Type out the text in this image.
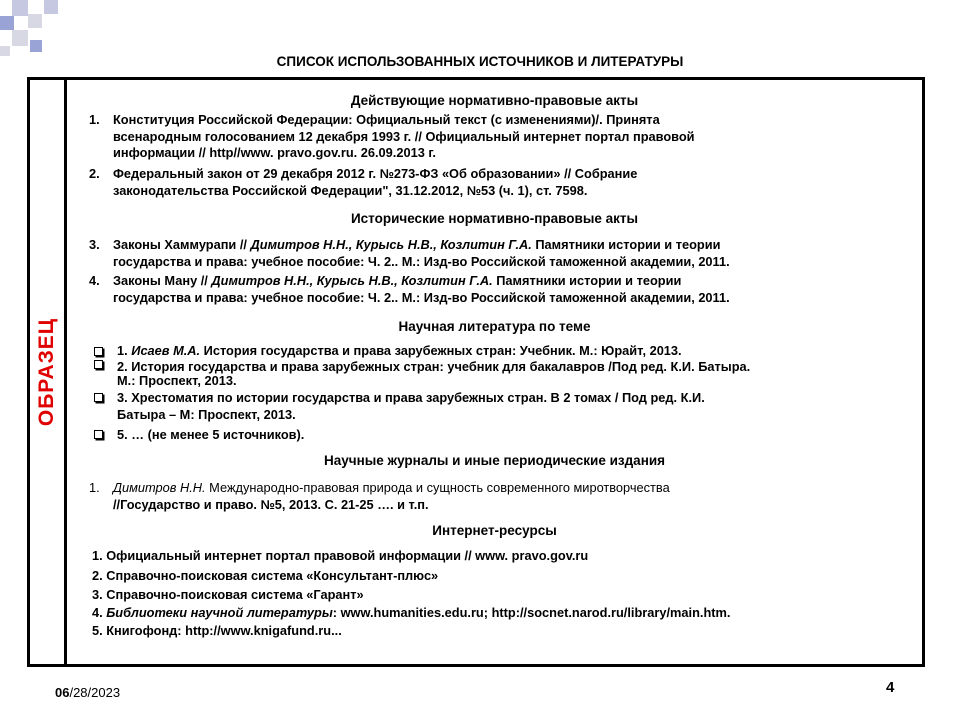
СПИСОК ИСПОЛЬЗОВАННЫХ ИСТОЧНИКОВ И ЛИТЕРАТУРЫ
ОБРАЗЕЦ
Действующие нормативно-правовые акты
1. Конституция Российской Федерации: Официальный текст (с изменениями)/. Принята
всенародным голосованием 12 декабря 1993 г. // Официальный интернет портал правовой
информации // http//www. pravo.gov.ru. 26.09.2013 г.
2. Федеральный закон от 29 декабря 2012 г. №273-ФЗ «Об образовании» // Собрание
законодательства Российской Федерации", 31.12.2012, №53 (ч. 1), ст. 7598.
Исторические нормативно-правовые акты
3. Законы Хаммурапи // Димитров Н.Н., Курысь Н.В., Козлитин Г.А. Памятники истории и теории
государства и права: учебное пособие: Ч. 2.. М.: Изд-во Российской таможенной академии, 2011.
4. Законы Ману // Димитров Н.Н., Курысь Н.В., Козлитин Г.А. Памятники истории и теории
государства и права: учебное пособие: Ч. 2.. М.: Изд-во Российской таможенной академии, 2011.
Научная литература по теме
1. Исаев М.А. История государства и права зарубежных стран: Учебник. М.: Юрайт, 2013.
2. История государства и права зарубежных стран: учебник для бакалавров /Под ред. К.И. Батыра.
М.: Проспект, 2013.
3. Хрестоматия по истории государства и права зарубежных стран. В 2 томах / Под ред. К.И.
Батыра – М: Проспект, 2013.
5. … (не менее 5 источников).
Научные журналы и иные периодические издания
1. Димитров Н.Н. Международно-правовая природа и сущность современного миротворчества
//Государство и право. №5, 2013. С. 21-25 …. и т.п.
Интернет-ресурсы
1. Официальный интернет портал правовой информации // www. pravo.gov.ru
2. Справочно-поисковая система «Консультант-плюс»
3. Справочно-поисковая система «Гарант»
4. Библиотеки научной литературы: www.humanities.edu.ru; http://socnet.narod.ru/library/main.htm.
5. Книгофонд: http://www.knigafund.ru...
06/28/2023	4
